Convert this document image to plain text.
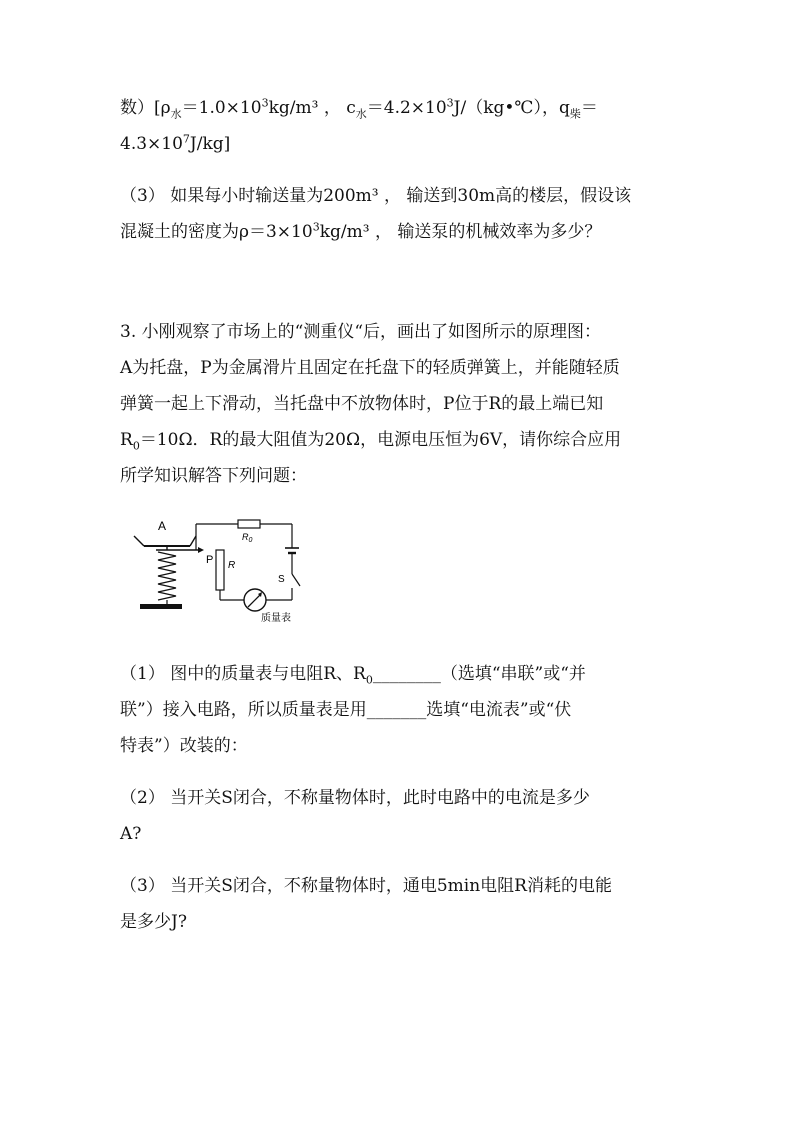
数）[$\rho_水=1.0\times 10^3kg/m^3$ ， $c_水=4.2\times 10^3J/(kg•℃)$，$q_柴=$
$4.3\times 10^7J/kg$]
（3） 如果每小时输送量为200m³ ， 输送到30m高的楼层，假设该
混凝土的密度为$\rho=3\times 10^3kg/m^3$ ， 输送泵的机械效率为多少？
3. 小刚观察了市场上的“测重仪“后，画出了如图所示的原理图：
A为托盘，P为金属滑片且固定在托盘下的轻质弹簧上，并能随轻质
弹簧一起上下滑动，当托盘中不放物体时，P位于R的最上端已知
$R_0=10\Omega$．R的最大阻值为20Ω，电源电压恒为6V，请你综合应用
所学知识解答下列问题：
A
P
$R_0$
S
R
质量表
（1） 图中的质量表与电阻R、$R_0\_\_\_\_\_\_\_\_$（选填“串联”或“并
联”）接入电路，所以质量表是用_______选填“电流表”或“伏
特表”）改装的：
（2） 当开关S闭合，不称量物体时，此时电路中的电流是多少
A?
（3） 当开关S闭合，不称量物体时，通电5min电阻R消耗的电能
是多少J?
